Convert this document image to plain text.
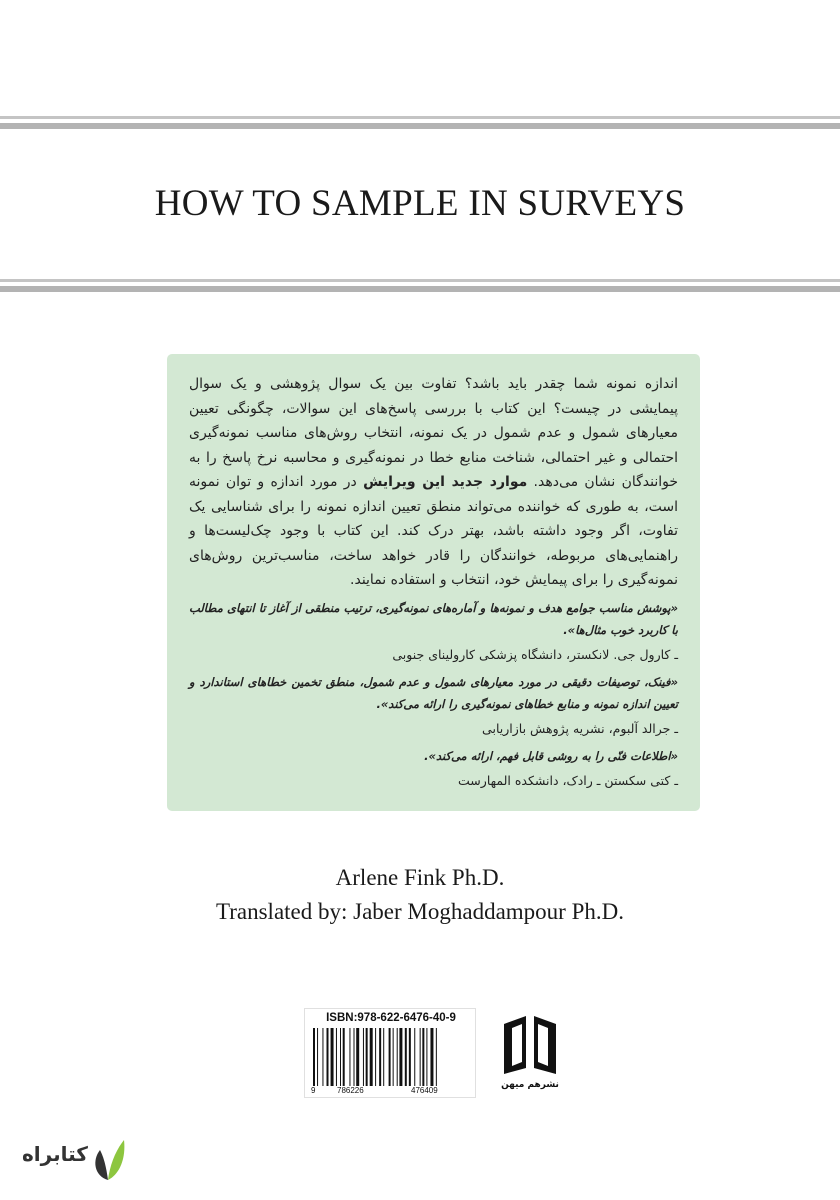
HOW TO SAMPLE IN SURVEYS

اندازه نمونه شما چقدر باید باشد؟ تفاوت بین یک سوال پژوهشی و یک سوال پیمایشی در چیست؟ این کتاب با بررسی پاسخ‌های این سوالات، چگونگی تعیین معیارهای شمول و عدم شمول در یک نمونه، انتخاب روش‌های مناسب نمونه‌گیری احتمالی و غیر احتمالی، شناخت منابع خطا در نمونه‌گیری و محاسبه نرخ پاسخ را به خوانندگان نشان می‌دهد. موارد جدید این ویرایش در مورد اندازه و توان نمونه است، به طوری که خواننده می‌تواند منطق تعیین اندازه نمونه را برای شناسایی یک تفاوت، اگر وجود داشته باشد، بهتر درک کند. این کتاب با وجود چک‌لیست‌ها و راهنمایی‌های مربوطه، خوانندگان را قادر خواهد ساخت، مناسب‌ترین روش‌های نمونه‌گیری را برای پیمایش خود، انتخاب و استفاده نمایند.

«پوشش مناسب جوامع هدف و نمونه‌ها و آماره‌های نمونه‌گیری، ترتیب منطقی از آغاز تا انتهای مطالب با کاربرد خوب مثال‌ها».

ـ کارول جی. لانکستر، دانشگاه پزشکی کارولینای جنوبی

«فینک، توصیفات دقیقی در مورد معیارهای شمول و عدم شمول، منطق تخمین خطاهای استاندارد و تعیین اندازه نمونه و منابع خطاهای نمونه‌گیری را ارائه می‌کند».

ـ جرالد آلبوم، نشریه پژوهش بازاریابی

«اطلاعات فنّی را به روشی قابل فهم، ارائه می‌کند».

ـ کتی سکستن ـ رادک، دانشکده المهارست

Arlene Fink Ph.D.
Translated by: Jaber Moghaddampour Ph.D.
ISBN:978-622-6476-40-9
9	786226	476409
نشرهم میهن
کتابراه
